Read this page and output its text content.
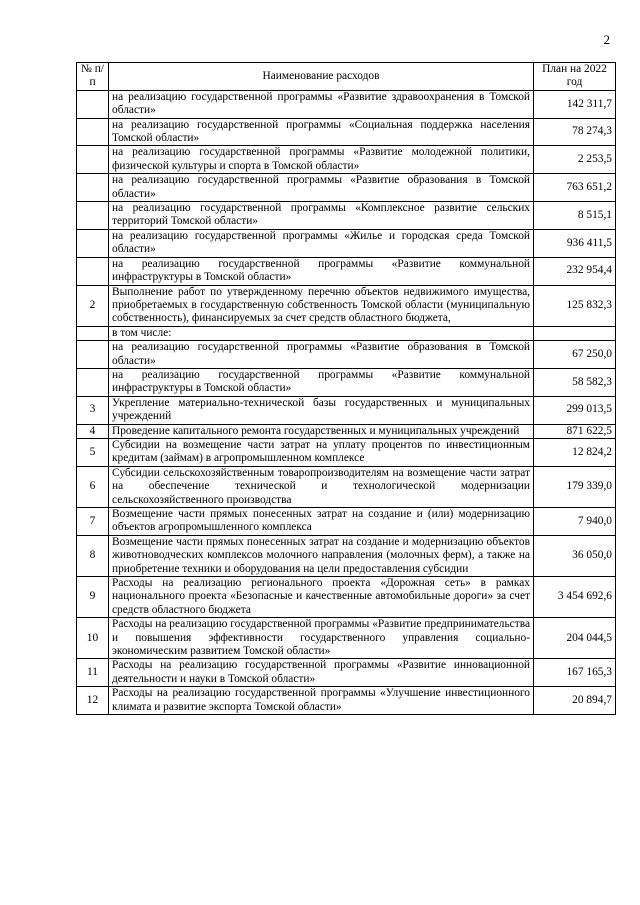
2
№ п/п	Наименование расходов	План на 2022 год
	на реализацию государственной программы «Развитие здравоохранения в Томской области»	142 311,7
	на реализацию государственной программы «Социальная поддержка населения Томской области»	78 274,3
	на реализацию государственной программы «Развитие молодежной политики, физической культуры и спорта в Томской области»	2 253,5
	на реализацию государственной программы «Развитие образования в Томской области»	763 651,2
	на реализацию государственной программы «Комплексное развитие сельских территорий Томской области»	8 515,1
	на реализацию государственной программы «Жилье и городская среда Томской области»	936 411,5
	на реализацию государственной программы «Развитие коммунальной инфраструктуры в Томской области»	232 954,4
2	Выполнение работ по утвержденному перечню объектов недвижимого имущества, приобретаемых в государственную собственность Томской области (муниципальную собственность), финансируемых за счет средств областного бюджета,	125 832,3
	в том числе:	
	на реализацию государственной программы «Развитие образования в Томской области»	67 250,0
	на реализацию государственной программы «Развитие коммунальной инфраструктуры в Томской области»	58 582,3
3	Укрепление материально-технической базы государственных и муниципальных учреждений	299 013,5
4	Проведение капитального ремонта государственных и муниципальных учреждений	871 622,5
5	Субсидии на возмещение части затрат на уплату процентов по инвестиционным кредитам (займам) в агропромышленном комплексе	12 824,2
6	Субсидии сельскохозяйственным товаропроизводителям на возмещение части затрат на обеспечение технической и технологической модернизации сельскохозяйственного производства	179 339,0
7	Возмещение части прямых понесенных затрат на создание и (или) модернизацию объектов агропромышленного комплекса	7 940,0
8	Возмещение части прямых понесенных затрат на создание и модернизацию объектов животноводческих комплексов молочного направления (молочных ферм), а также на приобретение техники и оборудования на цели предоставления субсидии	36 050,0
9	Расходы на реализацию регионального проекта «Дорожная сеть» в рамках национального проекта «Безопасные и качественные автомобильные дороги» за счет средств областного бюджета	3 454 692,6
10	Расходы на реализацию государственной программы «Развитие предпринимательства и повышения эффективности государственного управления социально-экономическим развитием Томской области»	204 044,5
11	Расходы на реализацию государственной программы «Развитие инновационной деятельности и науки в Томской области»	167 165,3
12	Расходы на реализацию государственной программы «Улучшение инвестиционного климата и развитие экспорта Томской области»	20 894,7
